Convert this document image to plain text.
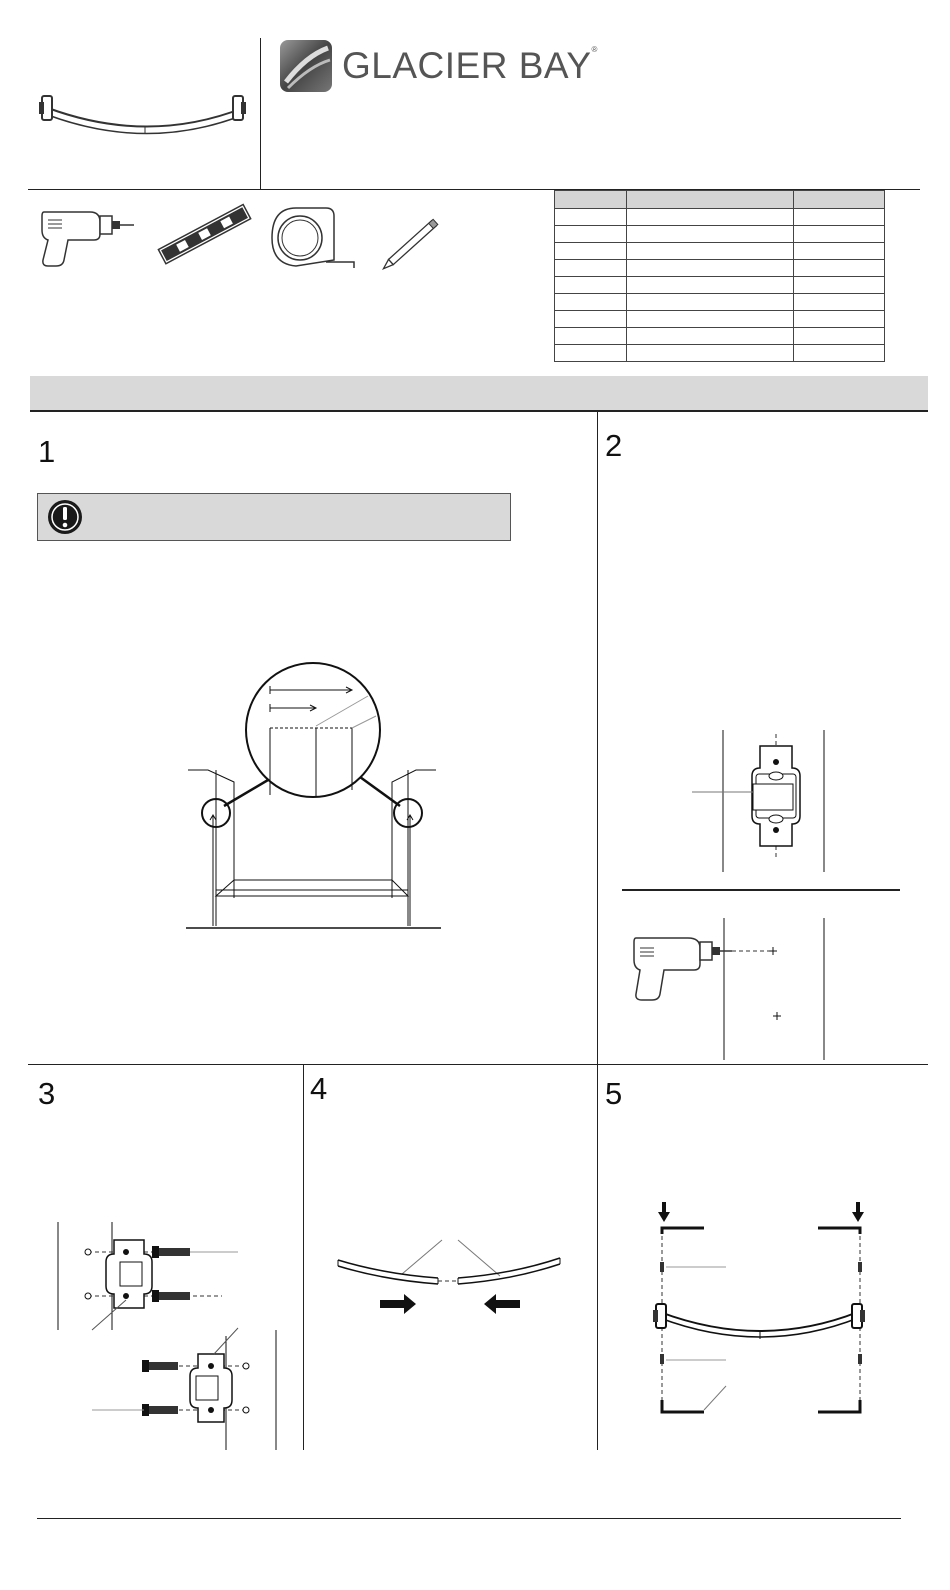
GLACIER BAY®

1	2
3	4	5
